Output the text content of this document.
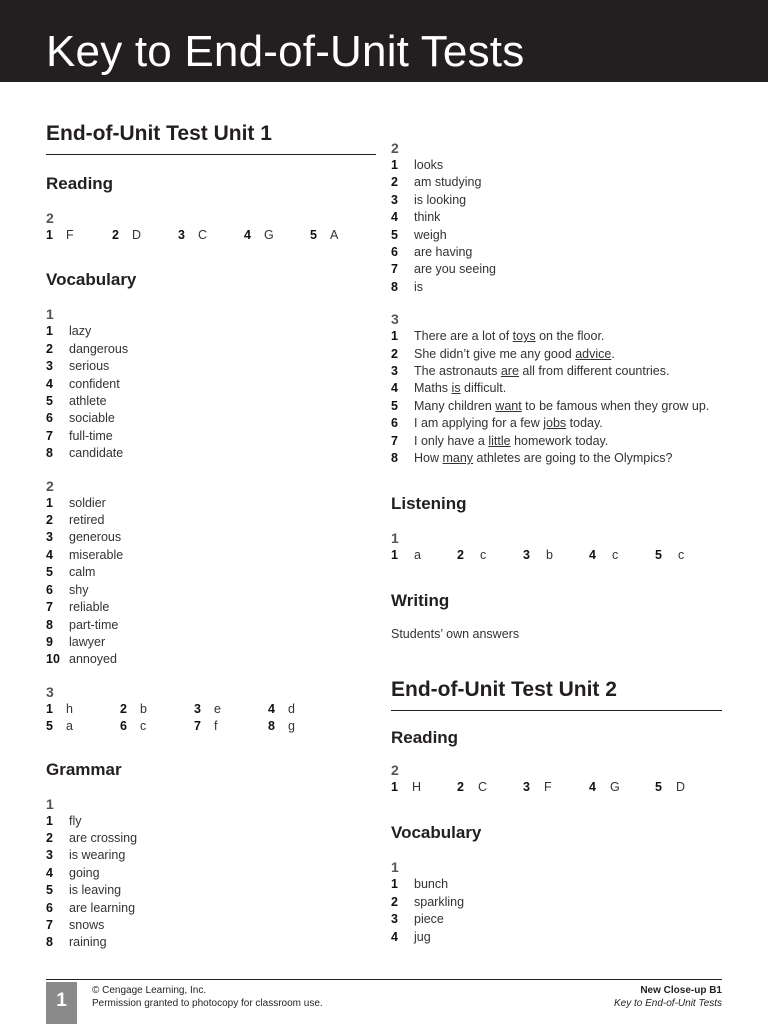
Key to End-of-Unit Tests
End-of-Unit Test Unit 1
Reading
2
1	F	2	D	3	C	4	G	5	A
Vocabulary
1
1	lazy
2	dangerous
3	serious
4	confident
5	athlete
6	sociable
7	full-time
8	candidate
2
1	soldier
2	retired
3	generous
4	miserable
5	calm
6	shy
7	reliable
8	part-time
9	lawyer
10 annoyed
3
1	h	2	b	3	e	4	d
5	a	6	c	7	f	8	g
Grammar
1
1	fly
2	are crossing
3	is wearing
4	going
5	is leaving
6	are learning
7	snows
8	raining
2
1	looks
2	am studying
3	is looking
4	think
5	weigh
6	are having
7	are you seeing
8	is
3
1	There are a lot of toys on the floor.
2	She didn’t give me any good advice.
3	The astronauts are all from different countries.
4	Maths is difficult.
5	Many children want to be famous when they grow up.
6	I am applying for a few jobs today.
7	I only have a little homework today.
8	How many athletes are going to the Olympics?
Listening
1
1	a	2	c	3	b	4	c	5	c
Writing
Students’ own answers
End-of-Unit Test Unit 2
Reading
2
1	H	2	C	3	F	4	G	5	D
Vocabulary
1
1	bunch
2	sparkling
3	piece
4	jug
1	© Cengage Learning, Inc.
Permission granted to photocopy for classroom use.
New Close-up B1
Key to End-of-Unit Tests
